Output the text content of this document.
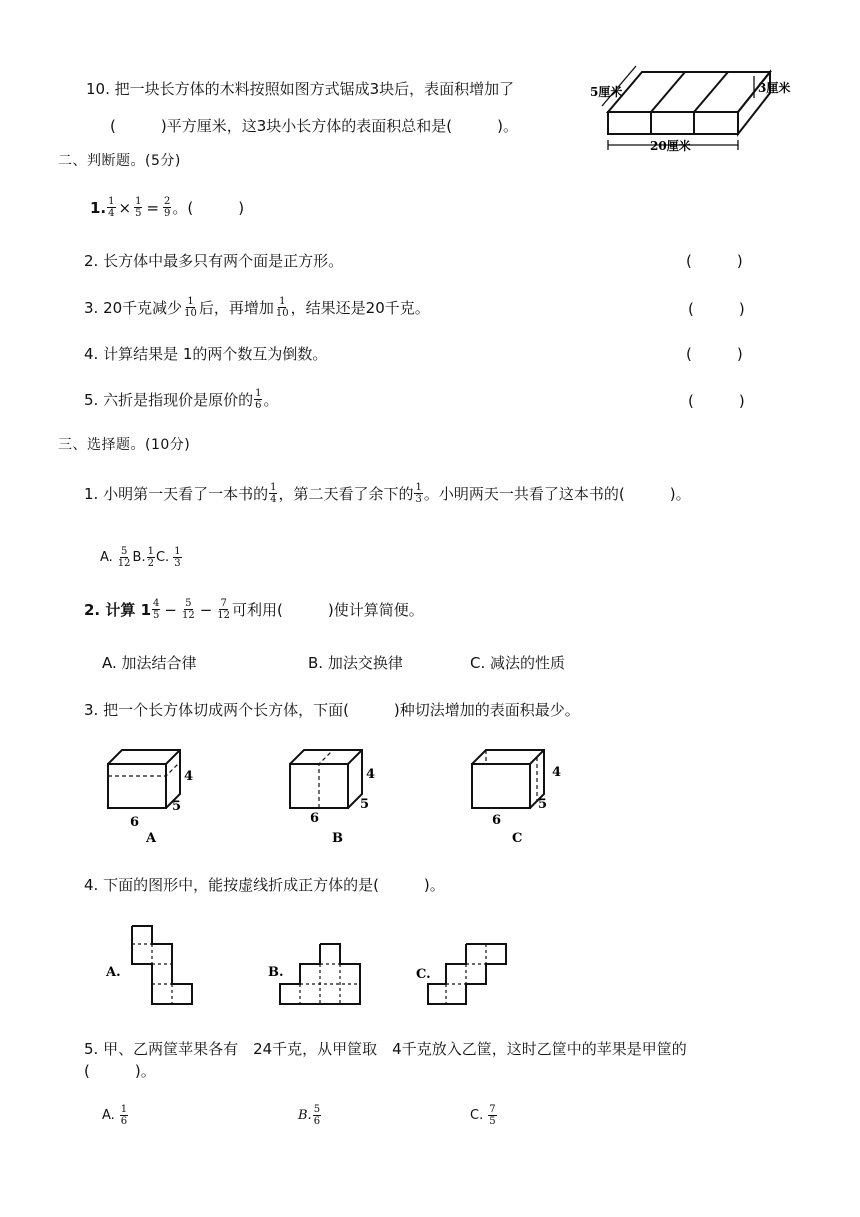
10. 把一块长方体的木料按照如图方式锯成3块后，表面积增加了
(　　　)平方厘米，这3块小长方体的表面积总和是(　　　)。
5厘米	3厘米
20厘米
二、判断题。(5分)
1. $\frac{1}{4} \times \frac{1}{5} = \frac{2}{9}$ 。(　　　)
2. 长方体中最多只有两个面是正方形。	(　　　)
3. 20千克减少 $\frac{1}{10}$ 后，再增加 $\frac{1}{10}$ ，结果还是20千克。	(　　　)
4. 计算结果是 1的两个数互为倒数。	(　　　)
5. 六折是指现价是原价的 $\frac{1}{6}$ 。	(　　　)
三、选择题。(10分)
1. 小明第一天看了一本书的 $\frac{1}{4}$ ，第二天看了余下的 $\frac{1}{3}$ 。小明两天一共看了这本书的(　　　)。
A. $\frac{5}{12} B$. $\frac{1}{2} C$. $\frac{1}{3}$
2. 计算 $1 \frac{4}{5} - \frac{5}{12} - \frac{7}{12}$ 可利用(　　　)使计算简便。
A. 加法结合律	B. 加法交换律	C. 减法的性质
3. 把一个长方体切成两个长方体，下面(　　　)种切法增加的表面积最少。
4
5
6
A
4
5
6
B
4
5
6
C
4. 下面的图形中，能按虚线折成正方体的是(　　　)。
A.	B.	C.
5. 甲、乙两筐苹果各有　24千克，从甲筐取　4千克放入乙筐，这时乙筐中的苹果是甲筐的
(　　　)。
A. $\frac{1}{6}$	B. $\frac{5}{6}$	C. $\frac{7}{5}$
